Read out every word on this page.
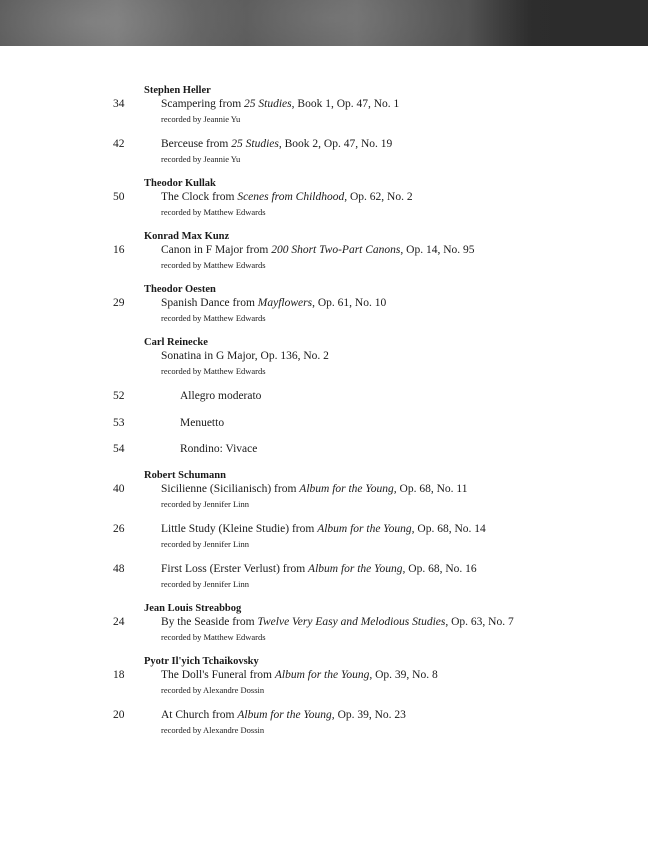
Stephen Heller
34	Scampering from 25 Studies, Book 1, Op. 47, No. 1
recorded by Jeannie Yu
42	Berceuse from 25 Studies, Book 2, Op. 47, No. 19
recorded by Jeannie Yu
Theodor Kullak
50	The Clock from Scenes from Childhood, Op. 62, No. 2
recorded by Matthew Edwards
Konrad Max Kunz
16	Canon in F Major from 200 Short Two-Part Canons, Op. 14, No. 95
recorded by Matthew Edwards
Theodor Oesten
29	Spanish Dance from Mayflowers, Op. 61, No. 10
recorded by Matthew Edwards
Carl Reinecke
Sonatina in G Major, Op. 136, No. 2
recorded by Matthew Edwards
52	Allegro moderato
53	Menuetto
54	Rondino: Vivace
Robert Schumann
40	Sicilienne (Sicilianisch) from Album for the Young, Op. 68, No. 11
recorded by Jennifer Linn
26	Little Study (Kleine Studie) from Album for the Young, Op. 68, No. 14
recorded by Jennifer Linn
48	First Loss (Erster Verlust) from Album for the Young, Op. 68, No. 16
recorded by Jennifer Linn
Jean Louis Streabbog
24	By the Seaside from Twelve Very Easy and Melodious Studies, Op. 63, No. 7
recorded by Matthew Edwards
Pyotr Il'yich Tchaikovsky
18	The Doll's Funeral from Album for the Young, Op. 39, No. 8
recorded by Alexandre Dossin
20	At Church from Album for the Young, Op. 39, No. 23
recorded by Alexandre Dossin
